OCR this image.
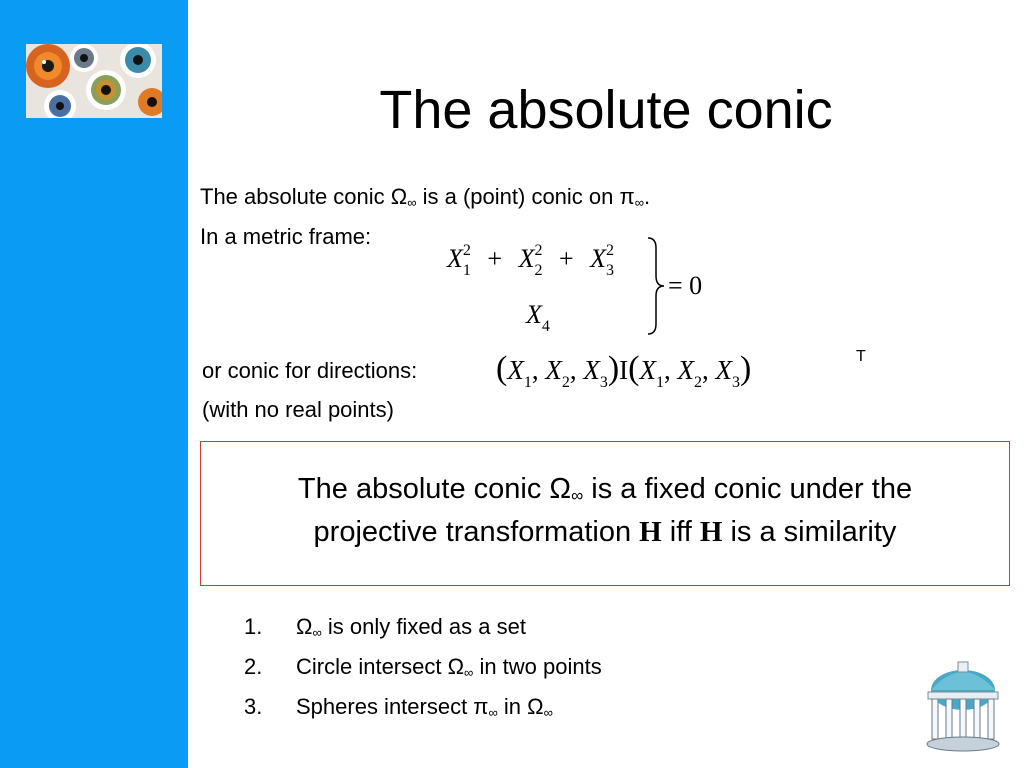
The absolute conic
The absolute conic $\Omega_\infty$ is a (point) conic on $\pi_\infty$.
In a metric frame:
X 2
$_1$ + X 2
$_2$ + X 2
$_3$
$X_4$
= 0
or conic for directions:
(with no real points)
($X_1$, $X_2$, $X_3)I(X_1$, $X_2$, $X_3$)	T
The absolute conic Ω∞ is a fixed conic under the
projective transformation H iff H is a similarity
1. $\Omega_\infty$ is only fixed as a set
2. Circle intersect $\Omega_\infty$ in two points
3. Spheres intersect $\pi_\infty$ in $\Omega_\infty$
